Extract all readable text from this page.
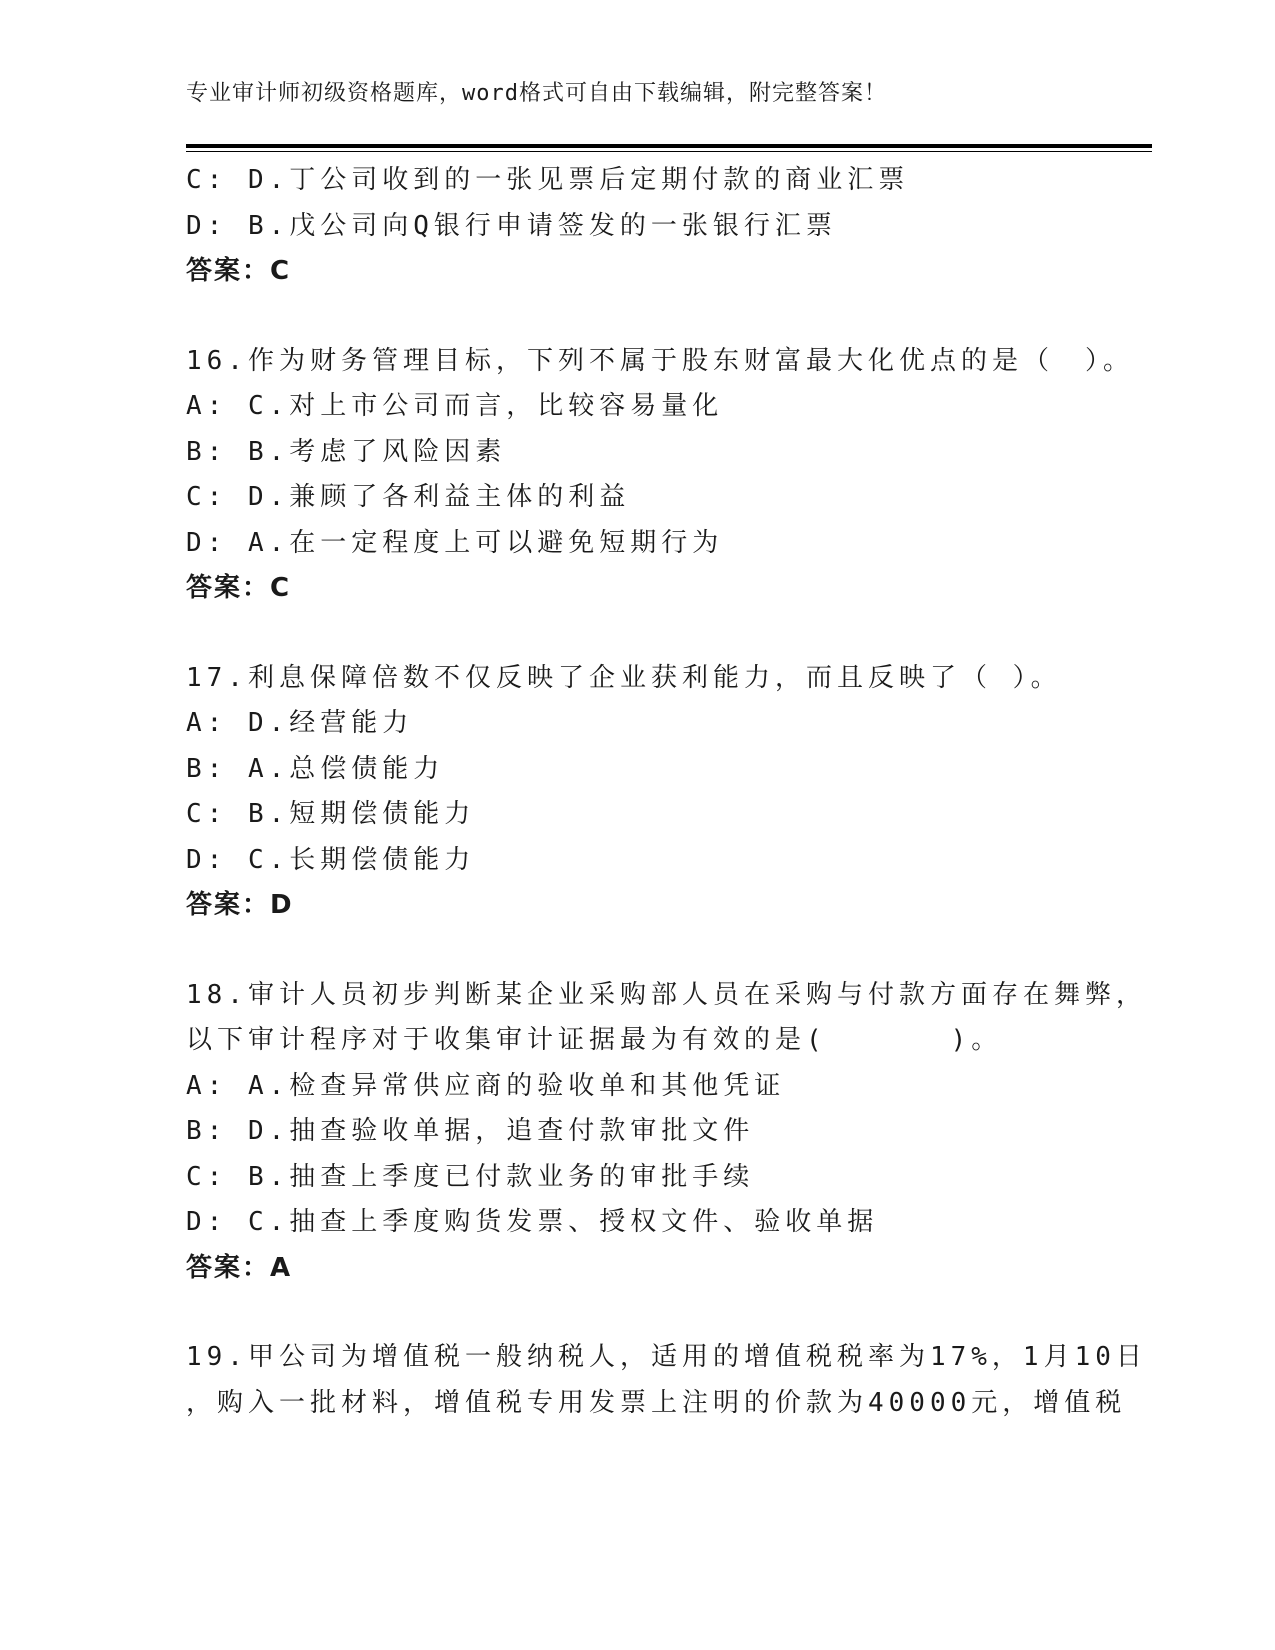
专业审计师初级资格题库，word格式可自由下载编辑，附完整答案！
C: D.丁公司收到的一张见票后定期付款的商业汇票
D: B.戊公司向Q银行申请签发的一张银行汇票
答案：C
16.作为财务管理目标，下列不属于股东财富最大化优点的是（　）。
A: C.对上市公司而言，比较容易量化
B: B.考虑了风险因素
C: D.兼顾了各利益主体的利益
D: A.在一定程度上可以避免短期行为
答案：C
17.利息保障倍数不仅反映了企业获利能力，而且反映了（ ）。
A: D.经营能力
B: A.总偿债能力
C: B.短期偿债能力
D: C.长期偿债能力
答案：D
18.审计人员初步判断某企业采购部人员在采购与付款方面存在舞弊，
以下审计程序对于收集审计证据最为有效的是(　　　　)。
A: A.检查异常供应商的验收单和其他凭证
B: D.抽查验收单据，追查付款审批文件
C: B.抽查上季度已付款业务的审批手续
D: C.抽查上季度购货发票、授权文件、验收单据
答案：A
19.甲公司为增值税一般纳税人，适用的增值税税率为17%，1月10日
，购入一批材料，增值税专用发票上注明的价款为40000元，增值税
